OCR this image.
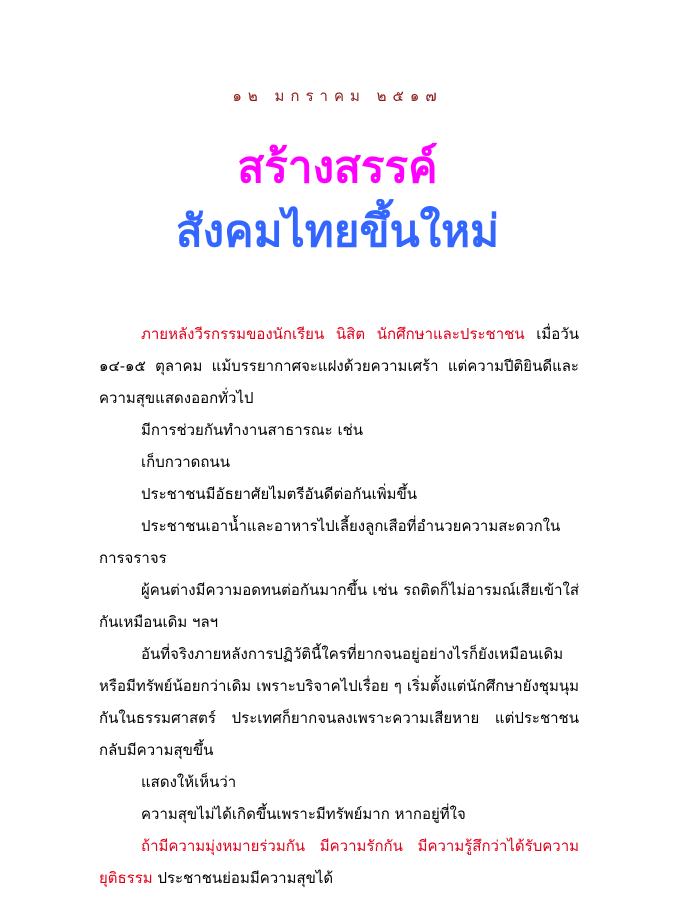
๑๒ มกราคม ๒๕๑๗
สร้างสรรค์
สังคมไทยขึ้นใหม่

ภายหลังวีรกรรมของนักเรียน นิสิต นักศึกษาและประชาชน เมื่อวัน ๑๔-๑๕ ตุลาคม แม้บรรยากาศจะแฝงด้วยความเศร้า แต่ความปีติยินดีและความสุขแสดงออกทั่วไป

มีการช่วยกันทำงานสาธารณะ เช่น

เก็บกวาดถนน

ประชาชนมีอัธยาศัยไมตรีอันดีต่อกันเพิ่มขึ้น

ประชาชนเอาน้ำและอาหารไปเลี้ยงลูกเสือที่อำนวยความสะดวกในการจราจร

ผู้คนต่างมีความอดทนต่อกันมากขึ้น เช่น รถติดก็ไม่อารมณ์เสียเข้าใส่กันเหมือนเดิม ฯลฯ

อันที่จริงภายหลังการปฏิวัตินี้ใครที่ยากจนอยู่อย่างไรก็ยังเหมือนเดิมหรือมีทรัพย์น้อยกว่าเดิม เพราะบริจาคไปเรื่อย ๆ เริ่มตั้งแต่นักศึกษายังชุมนุมกันในธรรมศาสตร์ ประเทศก็ยากจนลงเพราะความเสียหาย แต่ประชาชนกลับมีความสุขขึ้น

แสดงให้เห็นว่า

ความสุขไม่ได้เกิดขึ้นเพราะมีทรัพย์มาก หากอยู่ที่ใจ

ถ้ามีความมุ่งหมายร่วมกัน มีความรักกัน มีความรู้สึกว่าได้รับความยุติธรรม ประชาชนย่อมมีความสุขได้
